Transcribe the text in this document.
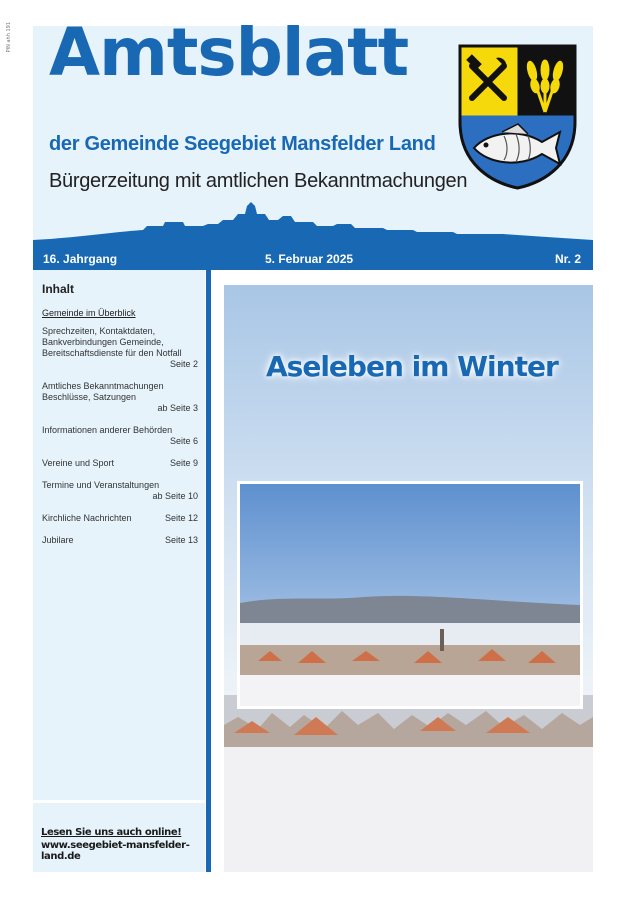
PIN ahh 191 Amtsblatt
der Gemeinde Seegebiet Mansfelder Land
Bürgerzeitung mit amtlichen Bekanntmachungen
16. Jahrgang	5. Februar 2025	Nr. 2
Inhalt
Gemeinde im Überblick
Sprechzeiten, Kontaktdaten, Bankverbindungen Gemeinde, Bereitschaftsdienste für den Notfall
Seite 2
Amtliches Bekanntmachungen Beschlüsse, Satzungen
ab Seite 3
Informationen anderer Behörden
Seite 6
Vereine und Sport	Seite 9
Termine und Veranstaltungen
ab Seite 10
Kirchliche Nachrichten	Seite 12
Jubilare	Seite 13
Lesen Sie uns auch online!
www.seegebiet-mansfelder-land.de
Aseleben im Winter
